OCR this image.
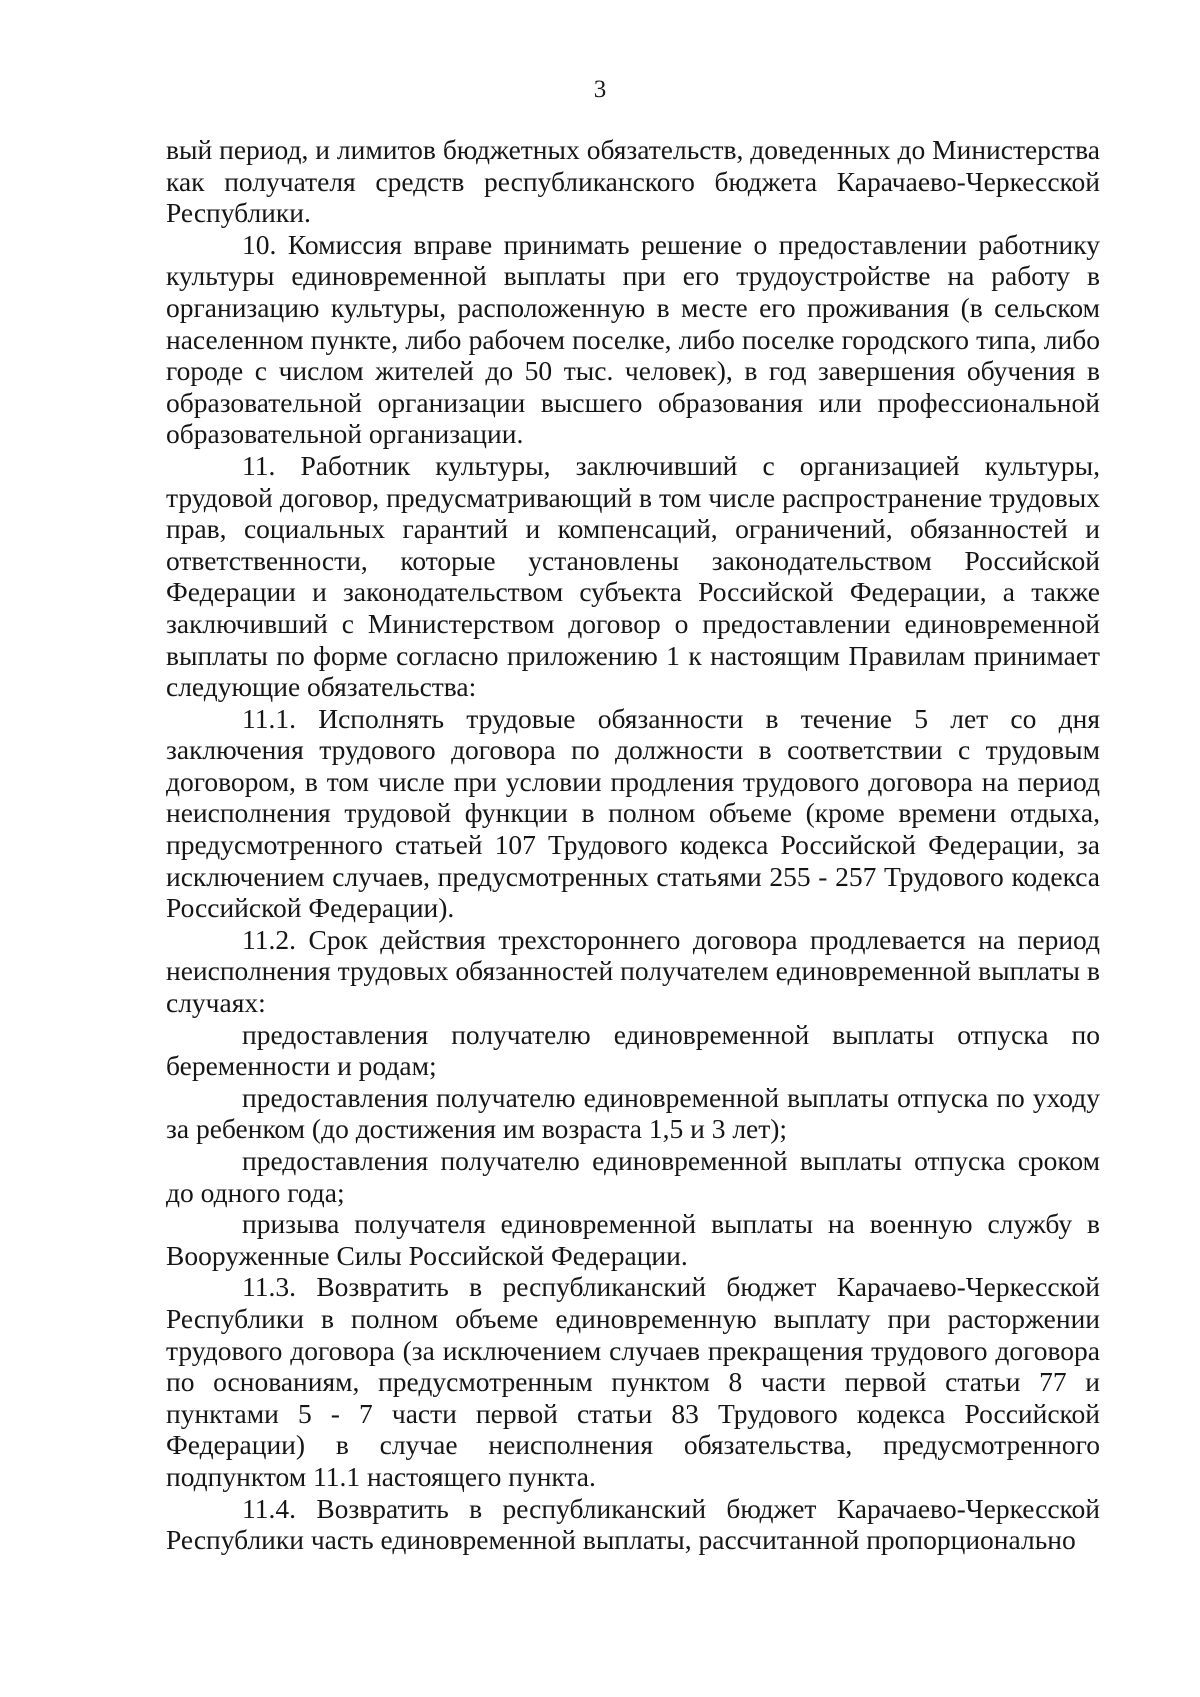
3

вый период, и лимитов бюджетных обязательств, доведенных до Министерства как получателя средств республиканского бюджета Карачаево-Черкесской Республики.

10. Комиссия вправе принимать решение о предоставлении работнику культуры единовременной выплаты при его трудоустройстве на работу в организацию культуры, расположенную в месте его проживания (в сельском населенном пункте, либо рабочем поселке, либо поселке городского типа, либо городе с числом жителей до 50 тыс. человек), в год завершения обучения в образовательной организации высшего образования или профессиональной образовательной организации.

11. Работник культуры, заключивший с организацией культуры, трудовой договор, предусматривающий в том числе распространение трудовых прав, социальных гарантий и компенсаций, ограничений, обязанностей и ответственности, которые установлены законодательством Российской Федерации и законодательством субъекта Российской Федерации, а также заключивший с Министерством договор о предоставлении единовременной выплаты по форме согласно приложению 1 к настоящим Правилам принимает следующие обязательства:

11.1. Исполнять трудовые обязанности в течение 5 лет со дня заключения трудового договора по должности в соответствии с трудовым договором, в том числе при условии продления трудового договора на период неисполнения трудовой функции в полном объеме (кроме времени отдыха, предусмотренного статьей 107 Трудового кодекса Российской Федерации, за исключением случаев, предусмотренных статьями 255 - 257 Трудового кодекса Российской Федерации).

11.2. Срок действия трехстороннего договора продлевается на период неисполнения трудовых обязанностей получателем единовременной выплаты в случаях:

предоставления получателю единовременной выплаты отпуска по беременности и родам;

предоставления получателю единовременной выплаты отпуска по уходу за ребенком (до достижения им возраста 1,5 и 3 лет);

предоставления получателю единовременной выплаты отпуска сроком до одного года;

призыва получателя единовременной выплаты на военную службу в Вооруженные Силы Российской Федерации.

11.3. Возвратить в республиканский бюджет Карачаево-Черкесской Республики в полном объеме единовременную выплату при расторжении трудового договора (за исключением случаев прекращения трудового договора по основаниям, предусмотренным пунктом 8 части первой статьи 77 и пунктами 5 - 7 части первой статьи 83 Трудового кодекса Российской Федерации) в случае неисполнения обязательства, предусмотренного подпунктом 11.1 настоящего пункта.

11.4. Возвратить в республиканский бюджет Карачаево-Черкесской Республики часть единовременной выплаты, рассчитанной пропорционально
